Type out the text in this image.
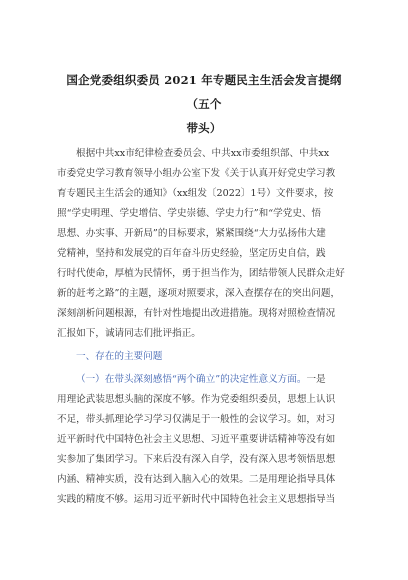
国企党委组织委员 2021 年专题民主生活会发言提纲（五个
带头）
根据中共xx市纪律检查委员会、中共xx市委组织部、中共xx
市委党史学习教育领导小组办公室下发《关于认真开好党史学习教
育专题民主生活会的通知》（xx组发〔2022〕1号）文件要求，按
照“学史明理、学史增信、学史崇德、学史力行”和“学党史、悟
思想、办实事、开新局”的目标要求，紧紧围绕“大力弘扬伟大建
党精神，坚持和发展党的百年奋斗历史经验，坚定历史自信，践
行时代使命，厚植为民情怀，勇于担当作为，团结带领人民群众走好
新的赶考之路”的主题，逐项对照要求，深入查摆存在的突出问题，
深刻剖析问题根源，有针对性地提出改进措施。现将对照检查情况
汇报如下，诚请同志们批评指正。
一、存在的主要问题
（一）在带头深刻感悟“两个确立”的决定性意义方面。一是
用理论武装思想头脑的深度不够。作为党委组织委员，思想上认识
不足，带头抓理论学习学习仅满足于一般性的会议学习。如，对习
近平新时代中国特色社会主义思想、习近平重要讲话精神等没有如
实参加了集团学习。下来后没有深入自学，没有深入思考领悟思想
内涵、精神实质，没有达到入脑入心的效果。二是用理论指导具体
实践的精度不够。运用习近平新时代中国特色社会主义思想指导当
